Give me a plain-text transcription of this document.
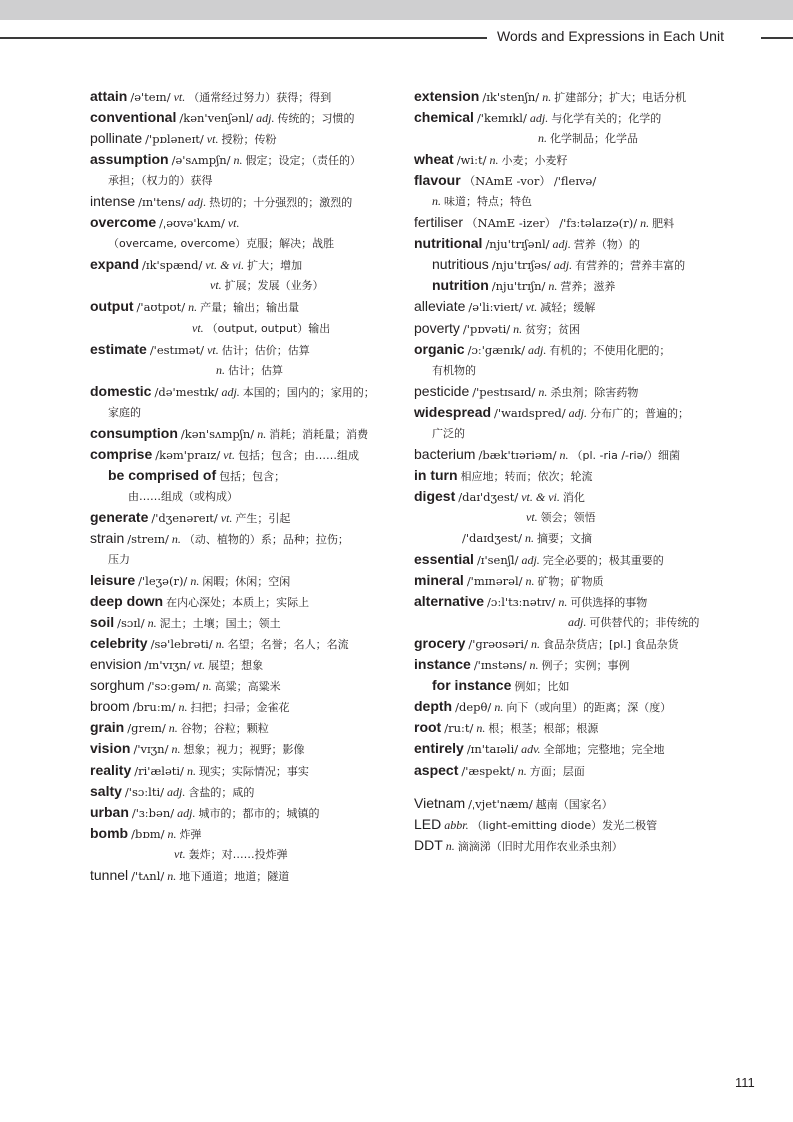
Words and Expressions in Each Unit
attain /ə'teɪn/ vt. （通常经过努力）获得；得到
conventional /kən'venʃənl/ adj. 传统的；习惯的
pollinate /'pɒləneɪt/ vt. 授粉；传粉
assumption /ə'sʌmpʃn/ n. 假定；设定；（责任的）
承担；（权力的）获得
intense /ɪn'tens/ adj. 热切的；十分强烈的；激烈的
overcome /ˌəʊvə'kʌm/ vt.
（overcame, overcome）克服；解决；战胜
expand /ɪk'spænd/ vt. & vi. 扩大；增加
vt. 扩展；发展（业务）
output /'aʊtpʊt/ n. 产量；输出；输出量
vt. （output, output）输出
estimate /'estɪmət/ vt. 估计；估价；估算
n. 估计；估算
domestic /də'mestɪk/ adj. 本国的；国内的；家用的；
家庭的
consumption /kən'sʌmpʃn/ n. 消耗；消耗量；消费
comprise /kəm'praɪz/ vt. 包括；包含；由……组成
be comprised of 包括；包含；
由……组成（或构成）
generate /'dʒenəreɪt/ vt. 产生；引起
strain /streɪn/ n. （动、植物的）系；品种；拉伤；
压力
leisure /'leʒə(r)/ n. 闲暇；休闲；空闲
deep down 在内心深处；本质上；实际上
soil /sɔɪl/ n. 泥土；土壤；国土；领土
celebrity /sə'lebrəti/ n. 名望；名誉；名人；名流
envision /ɪn'vɪʒn/ vt. 展望；想象
sorghum /'sɔːgəm/ n. 高粱；高粱米
broom /bruːm/ n. 扫把；扫帚；金雀花
grain /greɪn/ n. 谷物；谷粒；颗粒
vision /'vɪʒn/ n. 想象；视力；视野；影像
reality /ri'æləti/ n. 现实；实际情况；事实
salty /'sɔːlti/ adj. 含盐的；咸的
urban /'ɜːbən/ adj. 城市的；都市的；城镇的
bomb /bɒm/ n. 炸弹
vt. 轰炸；对……投炸弹
tunnel /'tʌnl/ n. 地下通道；地道；隧道
extension /ɪk'stenʃn/ n. 扩建部分；扩大；电话分机
chemical /'kemɪkl/ adj. 与化学有关的；化学的
n. 化学制品；化学品
wheat /wiːt/ n. 小麦；小麦籽
flavour （NAmE -vor） /'fleɪvə/
n. 味道；特点；特色
fertiliser （NAmE -izer） /'fɜːtəlaɪzə(r)/ n. 肥料
nutritional /nju'trɪʃənl/ adj. 营养（物）的
nutritious /nju'trɪʃəs/ adj. 有营养的；营养丰富的
nutrition /nju'trɪʃn/ n. 营养；滋养
alleviate /ə'liːvieɪt/ vt. 减轻；缓解
poverty /'pɒvəti/ n. 贫穷；贫困
organic /ɔː'gænɪk/ adj. 有机的；不使用化肥的；
有机物的
pesticide /'pestɪsaɪd/ n. 杀虫剂；除害药物
widespread /'waɪdspred/ adj. 分布广的；普遍的；
广泛的
bacterium /bæk'tɪəriəm/ n. （pl. -ria /-riə/）细菌
in turn 相应地；转而；依次；轮流
digest /daɪ'dʒest/ vt. & vi. 消化
vt. 领会；领悟
/'daɪdʒest/ n. 摘要；文摘
essential /ɪ'senʃl/ adj. 完全必要的；极其重要的
mineral /'mɪnərəl/ n. 矿物；矿物质
alternative /ɔːl'tɜːnətɪv/ n. 可供选择的事物
adj. 可供替代的；非传统的
grocery /'grəʊsəri/ n. 食品杂货店；[pl.] 食品杂货
instance /'ɪnstəns/ n. 例子；实例；事例
for instance 例如；比如
depth /depθ/ n. 向下（或向里）的距离；深（度）
root /ruːt/ n. 根；根茎；根部；根源
entirely /ɪn'taɪəli/ adv. 全部地；完整地；完全地
aspect /'æspekt/ n. 方面；层面
Vietnam /ˌvjet'næm/ 越南（国家名）
LED abbr. （light-emitting diode）发光二极管
DDT n. 滴滴涕（旧时尤用作农业杀虫剂）
111
